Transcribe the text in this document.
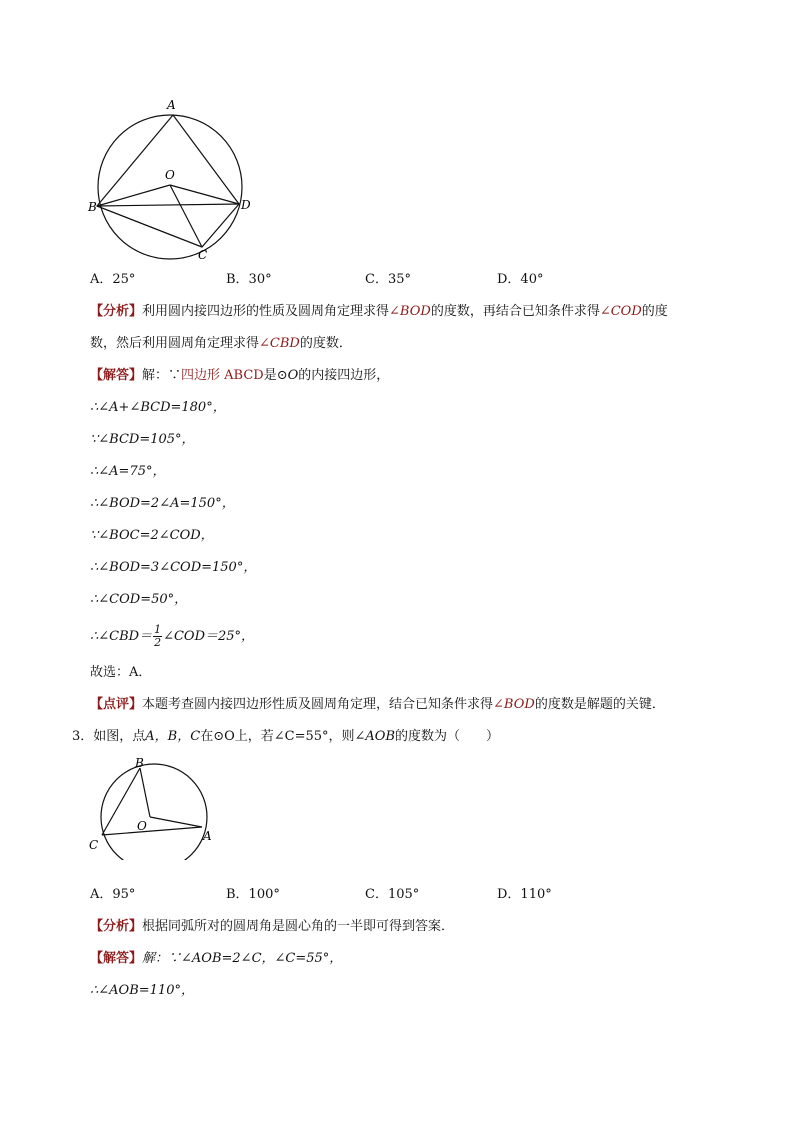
A
O
B	D
C
A．25°	B．30°	C．35°	D．40°
【分析】利用圆内接四边形的性质及圆周角定理求得∠BOD的度数，再结合已知条件求得∠COD的度
数，然后利用圆周角定理求得∠CBD的度数．
【解答】解：∵四边形 ABCD是⊙O的内接四边形，
∴∠A+∠BCD=180°，
∵∠BCD=105°，
∴∠A=75°，
∴∠BOD=2∠A=150°，
∵∠BOC=2∠COD，
∴∠BOD=3∠COD=150°，
∴∠COD=50°，
∴∠CBD＝ $\frac{1}{2}$ ∠COD＝25°，
故选：A．
【点评】本题考查圆内接四边形性质及圆周角定理，结合已知条件求得∠BOD的度数是解题的关键．
3．如图，点A，B，C在⊙O上，若∠C=55°，则∠AOB的度数为（　　）
B
O
A
C
A．95°	B．100°	C．105°	D．110°
【分析】根据同弧所对的圆周角是圆心角的一半即可得到答案．
【解答】解：∵∠AOB=2∠C，∠C=55°，
∴∠AOB=110°，
